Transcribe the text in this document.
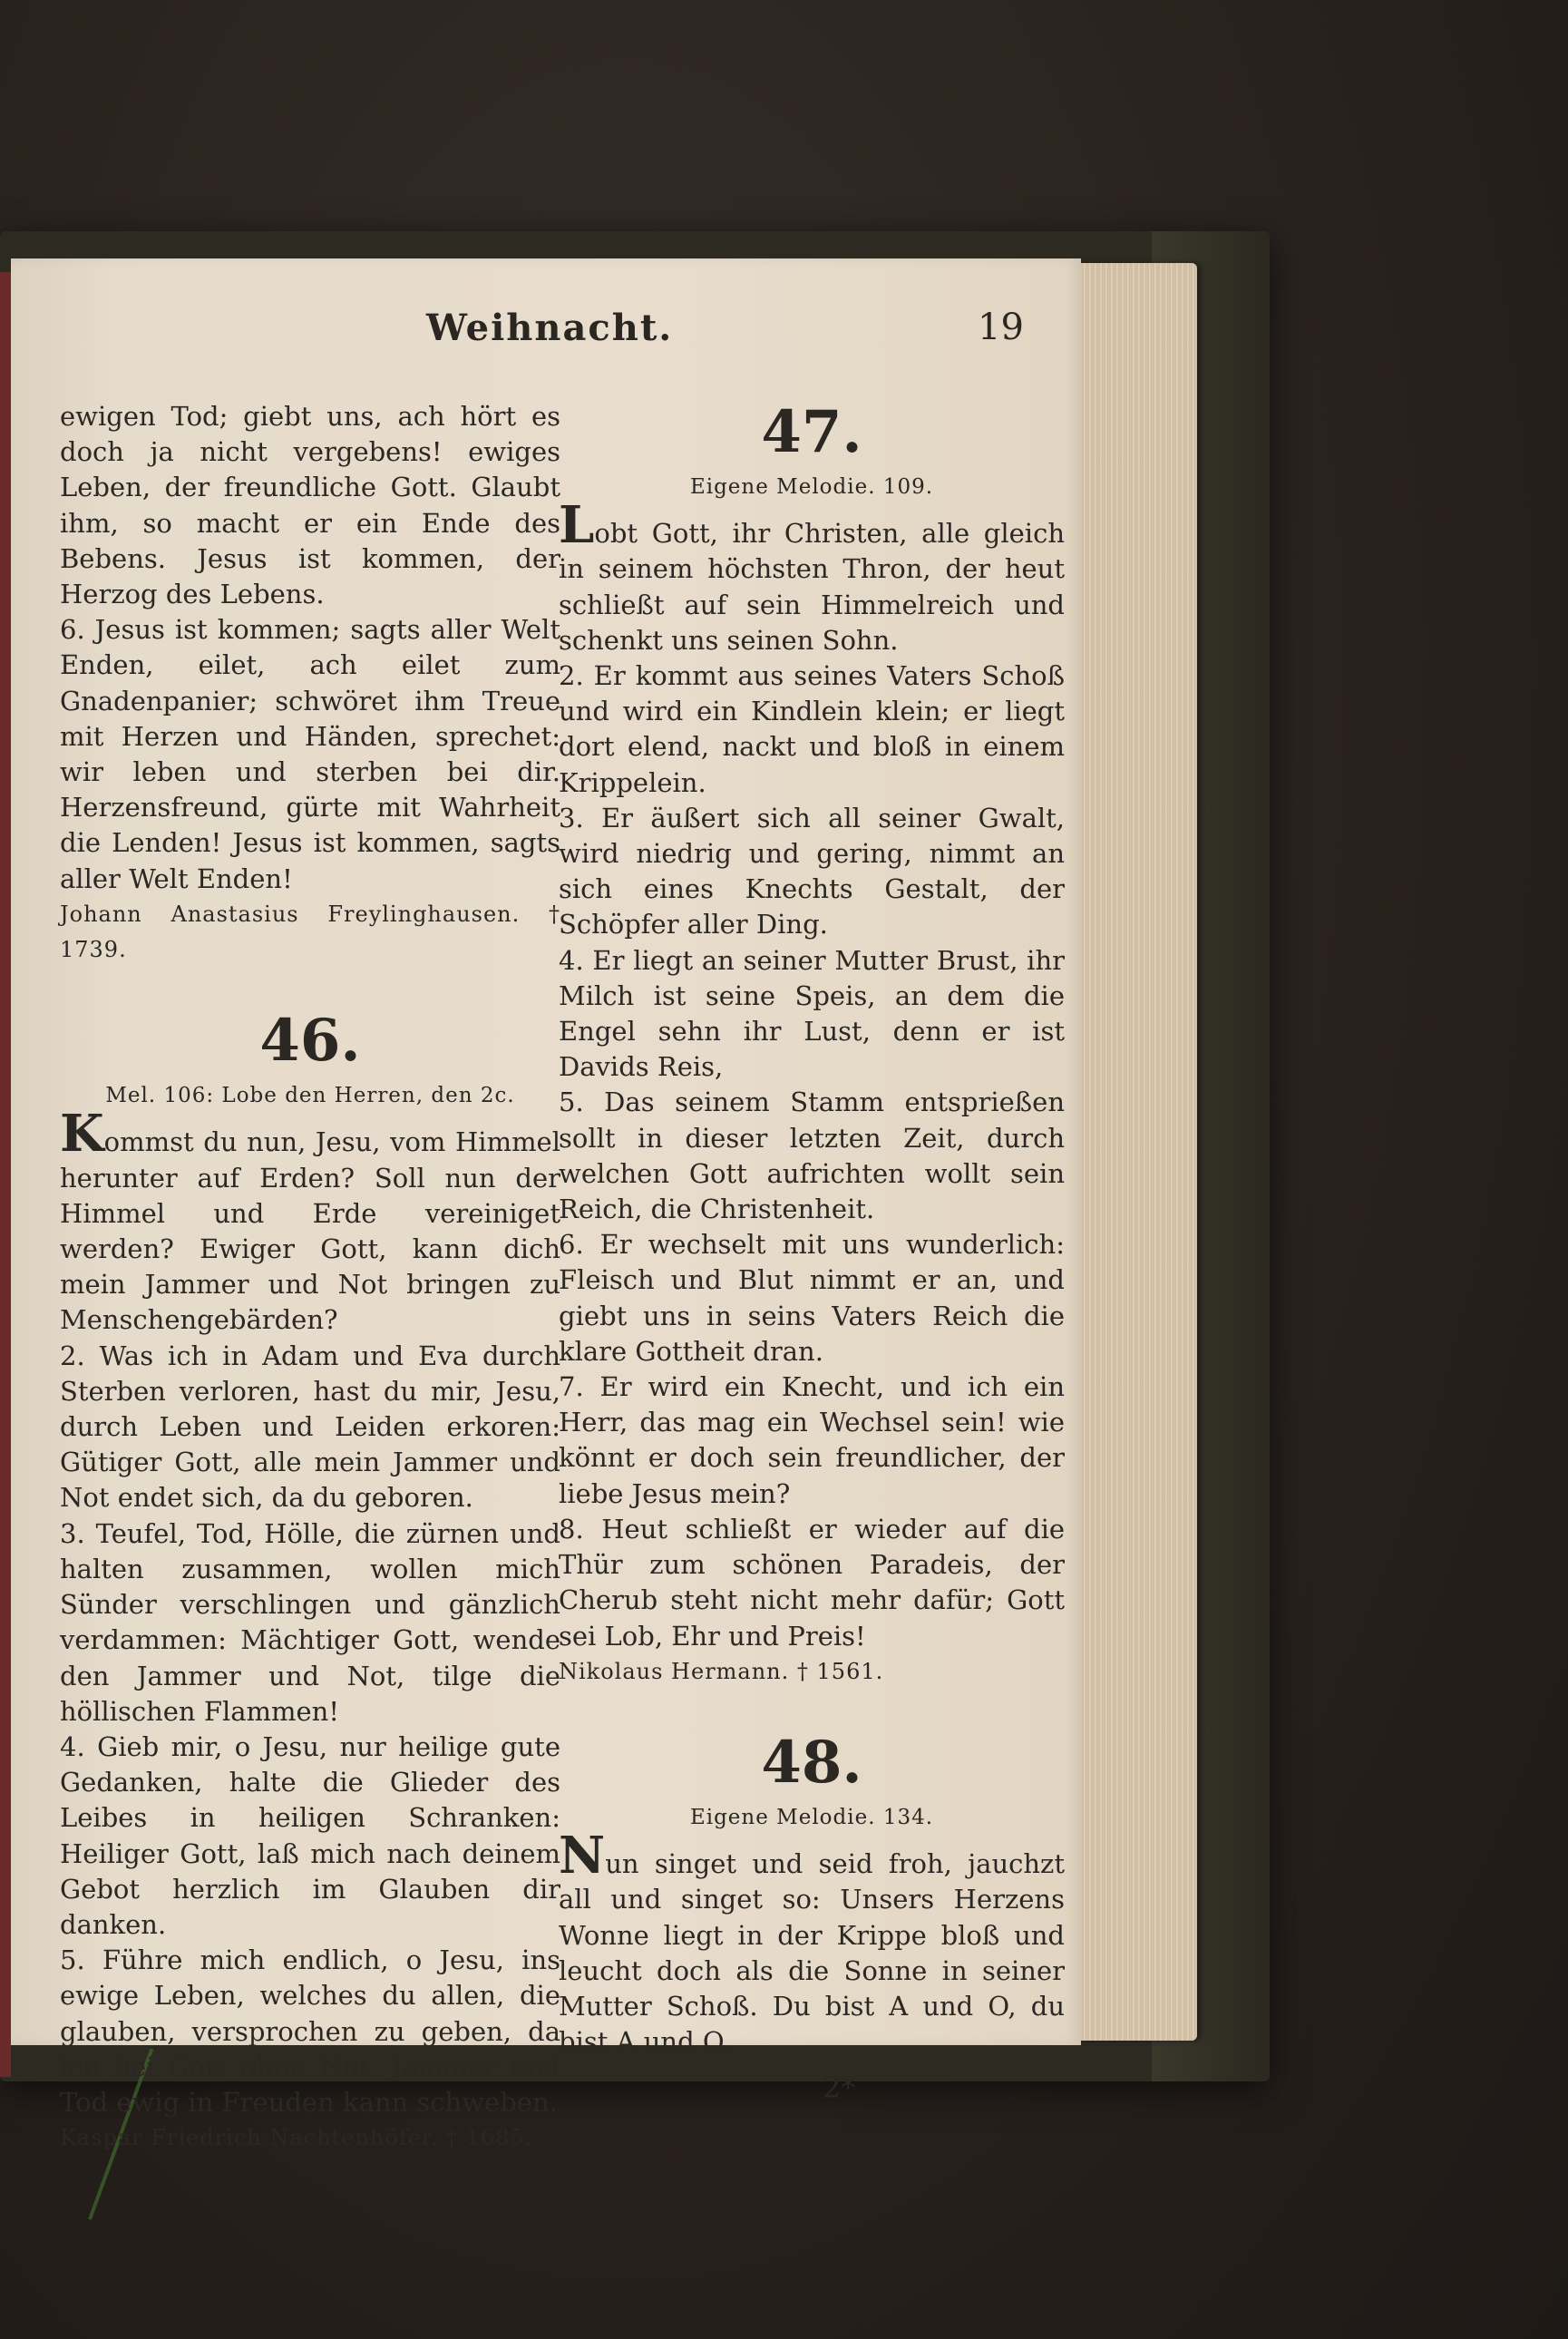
Weihnacht.	19

ewigen Tod; giebt uns, ach hört es doch ja nicht vergebens! ewiges Leben, der freundliche Gott. Glaubt ihm, so macht er ein Ende des Bebens. Jesus ist kommen, der Herzog des Lebens.

6. Jesus ist kommen; sagts aller Welt Enden, eilet, ach eilet zum Gnadenpanier; schwöret ihm Treue mit Herzen und Händen, sprechet: wir leben und sterben bei dir. Herzensfreund, gürte mit Wahrheit die Lenden! Jesus ist kommen, sagts aller Welt Enden!

Johann Anastasius Freylinghausen. † 1739.

46.
Mel. 106: Lobe den Herren, den 2c.

Kommst du nun, Jesu, vom Himmel herunter auf Erden? Soll nun der Himmel und Erde vereiniget werden? Ewiger Gott, kann dich mein Jammer und Not bringen zu Menschengebärden?

2. Was ich in Adam und Eva durch Sterben verloren, hast du mir, Jesu, durch Leben und Leiden erkoren: Gütiger Gott, alle mein Jammer und Not endet sich, da du geboren.

3. Teufel, Tod, Hölle, die zürnen und halten zusammen, wollen mich Sünder verschlingen und gänzlich verdammen: Mächtiger Gott, wende den Jammer und Not, tilge die höllischen Flammen!

4. Gieb mir, o Jesu, nur heilige gute Gedanken, halte die Glieder des Leibes in heiligen Schranken: Heiliger Gott, laß mich nach deinem Gebot herzlich im Glauben dir danken.

5. Führe mich endlich, o Jesu, ins ewige Leben, welches du allen, die glauben, versprochen zu geben, da ich bei Gott ohne Not, Jammer und Tod ewig in Freuden kann schweben.

Kaspar Friedrich Nachtenhöfer. † 1685.

47.
Eigene Melodie. 109.

Lobt Gott, ihr Christen, alle gleich in seinem höchsten Thron, der heut schließt auf sein Himmelreich und schenkt uns seinen Sohn.

2. Er kommt aus seines Vaters Schoß und wird ein Kindlein klein; er liegt dort elend, nackt und bloß in einem Krippelein.

3. Er äußert sich all seiner Gwalt, wird niedrig und gering, nimmt an sich eines Knechts Gestalt, der Schöpfer aller Ding.

4. Er liegt an seiner Mutter Brust, ihr Milch ist seine Speis, an dem die Engel sehn ihr Lust, denn er ist Davids Reis,

5. Das seinem Stamm entsprießen sollt in dieser letzten Zeit, durch welchen Gott aufrichten wollt sein Reich, die Christenheit.

6. Er wechselt mit uns wunderlich: Fleisch und Blut nimmt er an, und giebt uns in seins Vaters Reich die klare Gottheit dran.

7. Er wird ein Knecht, und ich ein Herr, das mag ein Wechsel sein! wie könnt er doch sein freundlicher, der liebe Jesus mein?

8. Heut schließt er wieder auf die Thür zum schönen Paradeis, der Cherub steht nicht mehr dafür; Gott sei Lob, Ehr und Preis!

Nikolaus Hermann. † 1561.

48.
Eigene Melodie. 134.

Nun singet und seid froh, jauchzt all und singet so: Unsers Herzens Wonne liegt in der Krippe bloß und leucht doch als die Sonne in seiner Mutter Schoß. Du bist A und O, du bist A und O.

2*
